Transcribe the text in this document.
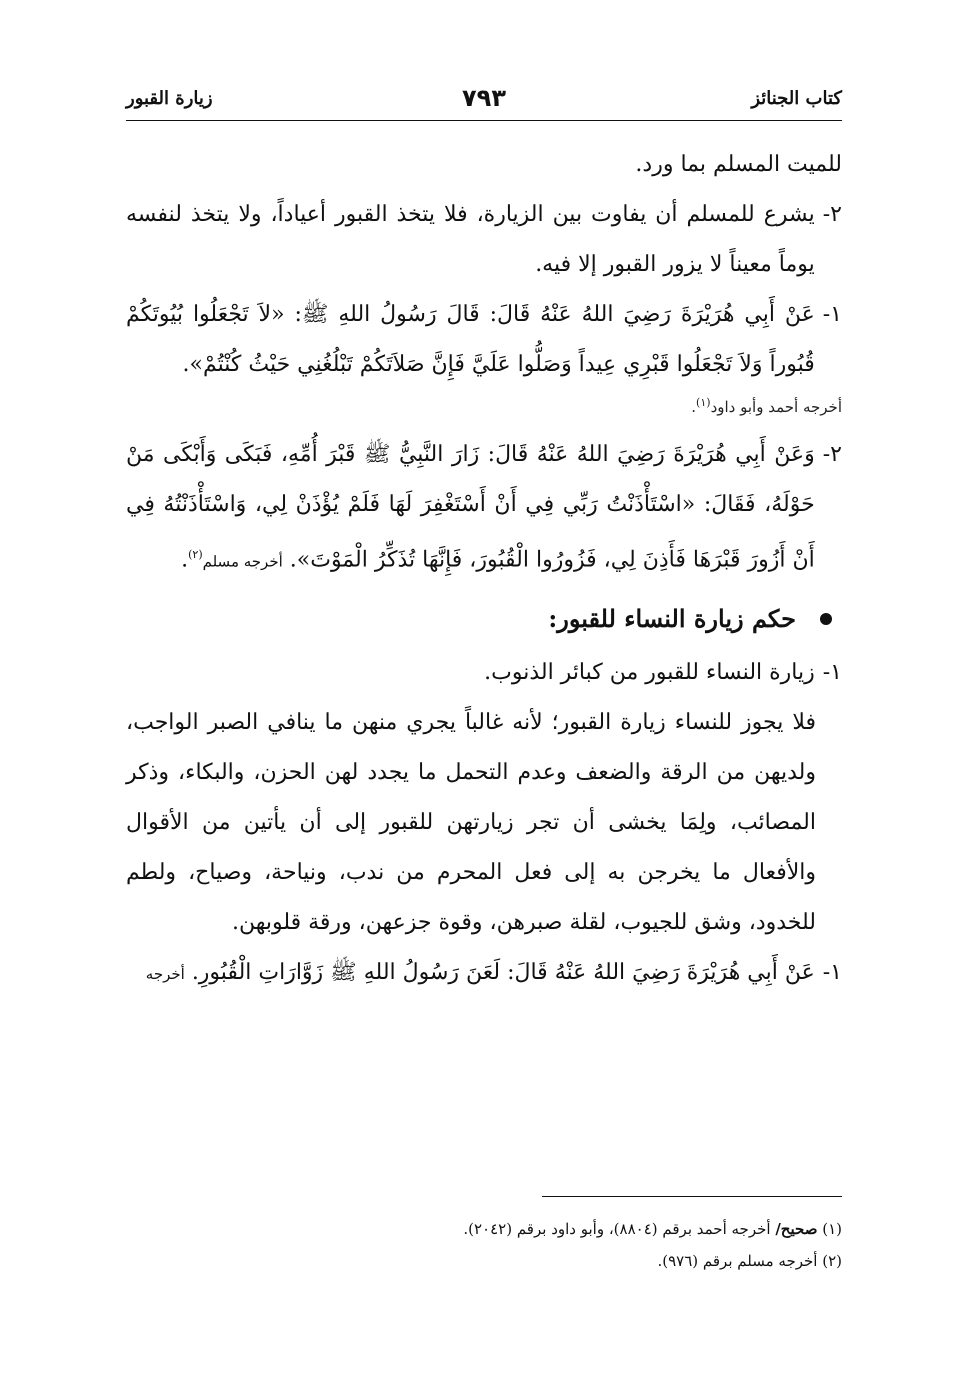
كتاب الجنائز
٧٩٣
زيارة القبور

للميت المسلم بما ورد.

٢-
يشرع للمسلم أن يفاوت بين الزيارة، فلا يتخذ القبور أعياداً، ولا يتخذ لنفسه يوماً معيناً لا يزور القبور إلا فيه.
١-
عَنْ أَبِي هُرَيْرَةَ رَضِيَ اللهُ عَنْهُ قَالَ: قَالَ رَسُولُ اللهِ ﷺ: «لاَ تَجْعَلُوا بُيُوتَكُمْ قُبُوراً وَلاَ تَجْعَلُوا قَبْرِي عِيداً وَصَلُّوا عَلَيَّ فَإِنَّ صَلاَتَكُمْ تَبْلُغُنِي حَيْثُ كُنْتُمْ».
أخرجه أحمد وأبو داود$^{(١)}$.
٢-
وَعَنْ أَبِي هُرَيْرَةَ رَضِيَ اللهُ عَنْهُ قَالَ: زَارَ النَّبِيُّ ﷺ قَبْرَ أُمِّهِ، فَبَكَى وَأَبْكَى مَنْ حَوْلَهُ، فَقَالَ: «اسْتَأْذَنْتُ رَبِّي فِي أَنْ أَسْتَغْفِرَ لَهَا فَلَمْ يُؤْذَنْ لِي، وَاسْتَأْذَنْتُهُ فِي أَنْ أَزُورَ قَبْرَهَا فَأَذِنَ لِي، فَزُورُوا الْقُبُورَ، فَإِنَّهَا تُذَكِّرُ الْمَوْتَ». أخرجه مسلم$^{(٢)}$.
حكم زيارة النساء للقبور:
١-
زيارة النساء للقبور من كبائر الذنوب.

فلا يجوز للنساء زيارة القبور؛ لأنه غالباً يجري منهن ما ينافي الصبر الواجب، ولديهن من الرقة والضعف وعدم التحمل ما يجدد لهن الحزن، والبكاء، وذكر المصائب، ولِمَا يخشى أن تجر زيارتهن للقبور إلى أن يأتين من الأقوال والأفعال ما يخرجن به إلى فعل المحرم من ندب، ونياحة، وصياح، ولطم للخدود، وشق للجيوب، لقلة صبرهن، وقوة جزعهن، ورقة قلوبهن.

١-
عَنْ أَبِي هُرَيْرَةَ رَضِيَ اللهُ عَنْهُ قَالَ: لَعَنَ رَسُولُ اللهِ ﷺ زَوَّارَاتِ الْقُبُورِ. أخرجه

(١) صحيح/ أخرجه أحمد برقم (٨٨٠٤)، وأبو داود برقم (٢٠٤٢).

(٢) أخرجه مسلم برقم (٩٧٦).
